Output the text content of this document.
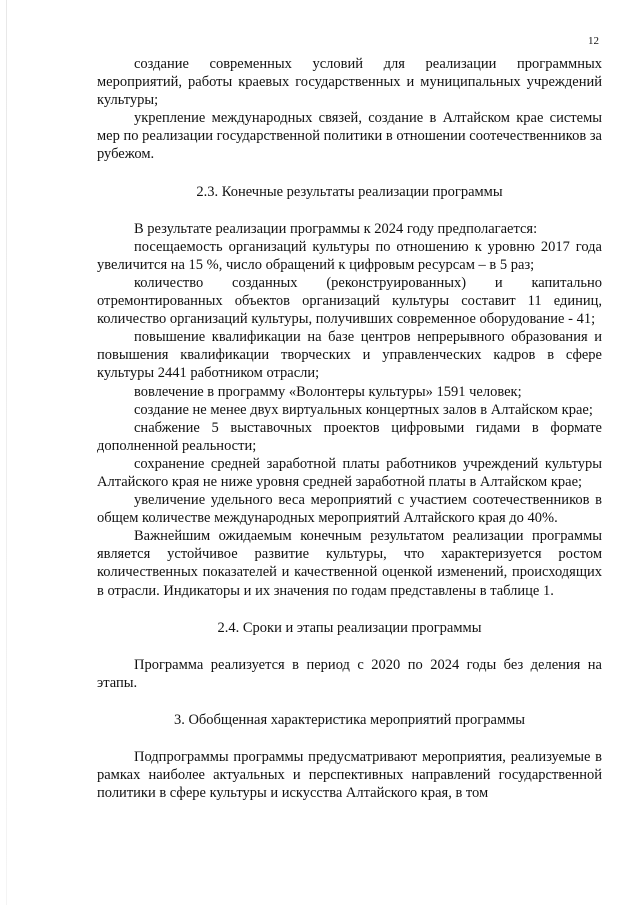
12

создание современных условий для реализации программных мероприятий, работы краевых государственных и муниципальных учреждений культуры;

укрепление международных связей, создание в Алтайском крае системы мер по реализации государственной политики в отношении соотечественников за рубежом.

2.3. Конечные результаты реализации программы

В результате реализации программы к 2024 году предполагается:

посещаемость организаций культуры по отношению к уровню 2017 года увеличится на 15 %, число обращений к цифровым ресурсам – в 5 раз;

количество созданных (реконструированных) и капитально отремонтированных объектов организаций культуры составит 11 единиц, количество организаций культуры, получивших современное оборудование - 41;

повышение квалификации на базе центров непрерывного образования и повышения квалификации творческих и управленческих кадров в сфере культуры 2441 работником отрасли;

вовлечение в программу «Волонтеры культуры» 1591 человек;

создание не менее двух виртуальных концертных залов в Алтайском крае;

снабжение 5 выставочных проектов цифровыми гидами в формате дополненной реальности;

сохранение средней заработной платы работников учреждений культуры Алтайского края не ниже уровня средней заработной платы в Алтайском крае;

увеличение удельного веса мероприятий с участием соотечественников в общем количестве международных мероприятий Алтайского края до 40%.

Важнейшим ожидаемым конечным результатом реализации программы является устойчивое развитие культуры, что характеризуется ростом количественных показателей и качественной оценкой изменений, происходящих в отрасли. Индикаторы и их значения по годам представлены в таблице 1.

2.4. Сроки и этапы реализации программы

Программа реализуется в период с 2020 по 2024 годы без деления на этапы.

3. Обобщенная характеристика мероприятий программы

Подпрограммы программы предусматривают мероприятия, реализуемые в рамках наиболее актуальных и перспективных направлений государственной политики в сфере культуры и искусства Алтайского края, в том
